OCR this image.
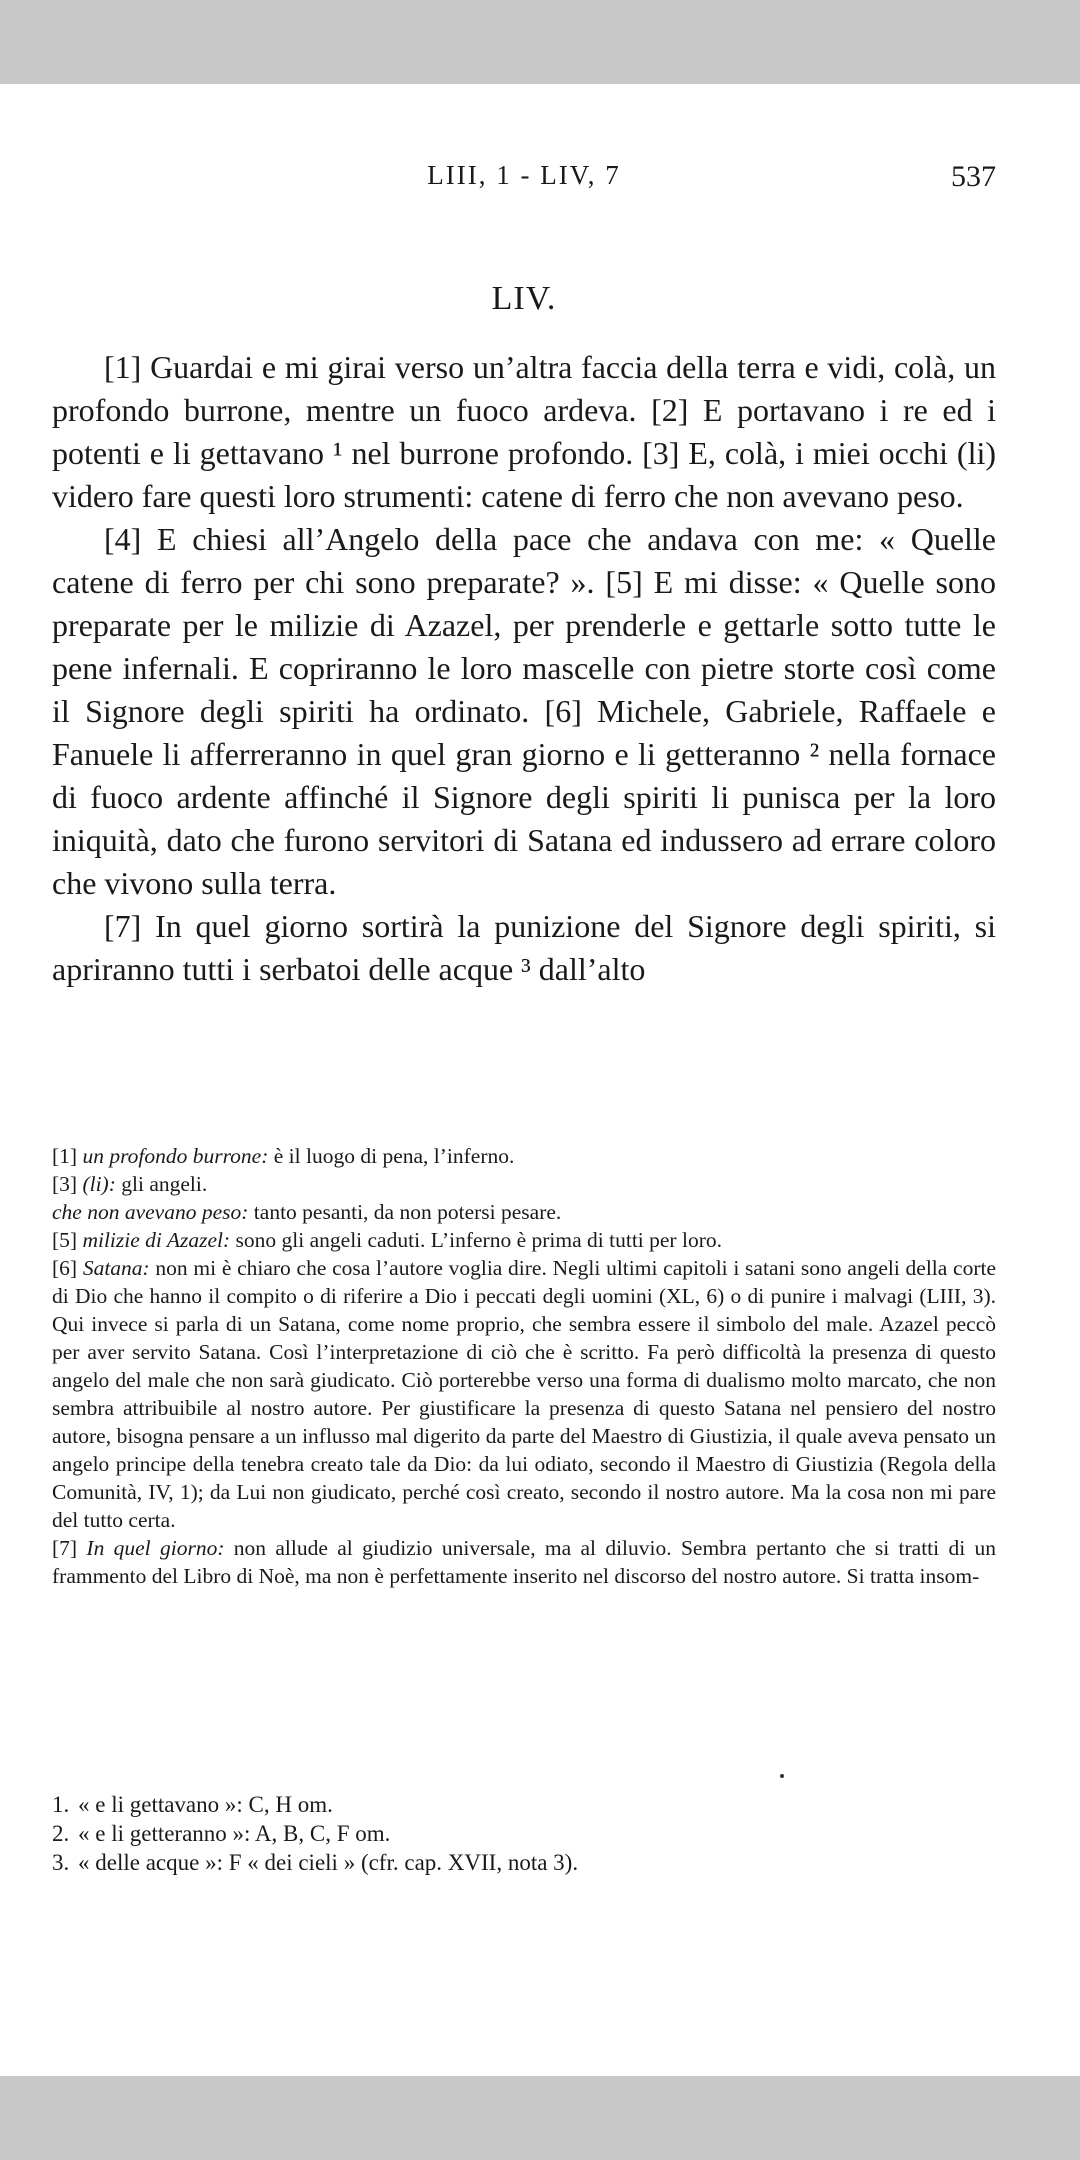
LIII, 1 - LIV, 7	537
LIV.

[1] Guardai e mi girai verso un’altra faccia della terra e vidi, colà, un profondo burrone, mentre un fuoco ardeva. [2] E portavano i re ed i potenti e li gettavano ¹ nel burrone profondo. [3] E, colà, i miei occhi (li) videro fare questi loro strumenti: catene di ferro che non avevano peso.

[4] E chiesi all’Angelo della pace che andava con me: « Quelle catene di ferro per chi sono preparate? ». [5] E mi disse: « Quelle sono preparate per le milizie di Azazel, per prenderle e gettarle sotto tutte le pene infernali. E copriranno le loro mascelle con pietre storte così come il Signore degli spiriti ha ordinato. [6] Michele, Gabriele, Raffaele e Fanuele li afferreranno in quel gran giorno e li getteranno ² nella fornace di fuoco ardente affinché il Signore degli spiriti li punisca per la loro iniquità, dato che furono servitori di Satana ed indussero ad errare coloro che vivono sulla terra.

[7] In quel giorno sortirà la punizione del Signore degli spiriti, si apriranno tutti i serbatoi delle acque ³ dall’alto

[1] un profondo burrone: è il luogo di pena, l’inferno.

[3] (li): gli angeli.

che non avevano peso: tanto pesanti, da non potersi pesare.

[5] milizie di Azazel: sono gli angeli caduti. L’inferno è prima di tutti per loro.

[6] Satana: non mi è chiaro che cosa l’autore voglia dire. Negli ultimi capitoli i satani sono angeli della corte di Dio che hanno il compito o di riferire a Dio i peccati degli uomini (XL, 6) o di punire i malvagi (LIII, 3). Qui invece si parla di un Satana, come nome proprio, che sembra essere il simbolo del male. Azazel peccò per aver servito Satana. Così l’interpretazione di ciò che è scritto. Fa però difficoltà la presenza di questo angelo del male che non sarà giudicato. Ciò porterebbe verso una forma di dualismo molto marcato, che non sembra attribuibile al nostro autore. Per giustificare la presenza di questo Satana nel pensiero del nostro autore, bisogna pensare a un influsso mal digerito da parte del Maestro di Giustizia, il quale aveva pensato un angelo principe della tenebra creato tale da Dio: da lui odiato, secondo il Maestro di Giustizia (Regola della Comunità, IV, 1); da Lui non giudicato, perché così creato, secondo il nostro autore. Ma la cosa non mi pare del tutto certa.

[7] In quel giorno: non allude al giudizio universale, ma al diluvio. Sembra pertanto che si tratti di un frammento del Libro di Noè, ma non è perfettamente inserito nel discorso del nostro autore. Si tratta insom-

1. « e li gettavano »: C, H om.

2. « e li getteranno »: A, B, C, F om.

3. « delle acque »: F « dei cieli » (cfr. cap. XVII, nota 3).
